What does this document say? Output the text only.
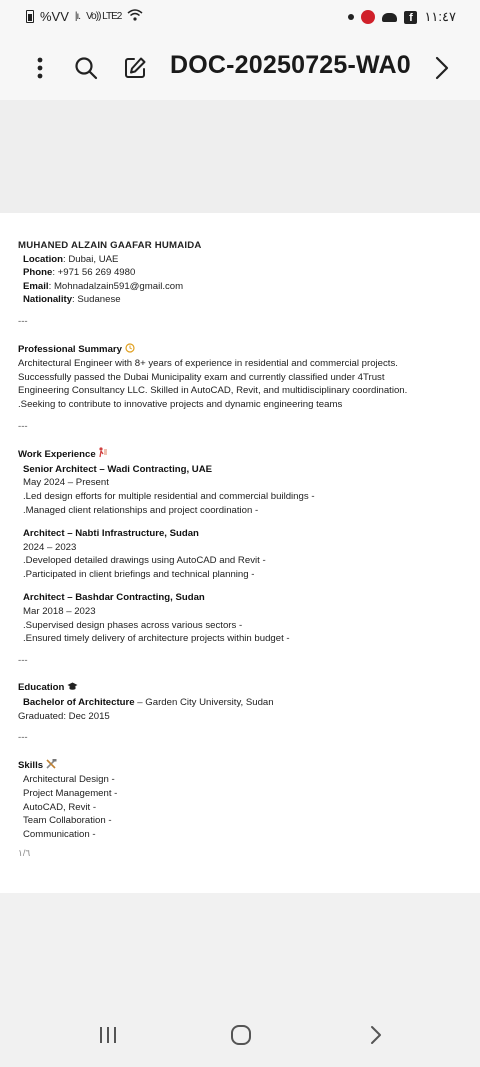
%VV |ı. Vo)) LTE2	f ١١:٤٧
DOC-20250725-WA0
MUHANED ALZAIN GAAFAR HUMAIDA
Location: Dubai, UAE
Phone: +971 56 269 4980
Email: Mohnadalzain591@gmail.com
Nationality: Sudanese
---
Professional Summary
Architectural Engineer with 8+ years of experience in residential and commercial projects.
Successfully passed the Dubai Municipality exam and currently classified under 4Trust
Engineering Consultancy LLC. Skilled in AutoCAD, Revit, and multidisciplinary coordination.
.Seeking to contribute to innovative projects and dynamic engineering teams
---
Work Experience
Senior Architect – Wadi Contracting, UAE
May 2024 – Present
.Led design efforts for multiple residential and commercial buildings -
.Managed client relationships and project coordination -
Architect – Nabti Infrastructure, Sudan
2024 – 2023
.Developed detailed drawings using AutoCAD and Revit -
.Participated in client briefings and technical planning -
Architect – Bashdar Contracting, Sudan
Mar 2018 – 2023
.Supervised design phases across various sectors -
.Ensured timely delivery of architecture projects within budget -
---
Education
Bachelor of Architecture – Garden City University, Sudan
Graduated: Dec 2015
---
Skills
Architectural Design -
Project Management -
AutoCAD, Revit -
Team Collaboration -
Communication -
١/٦
